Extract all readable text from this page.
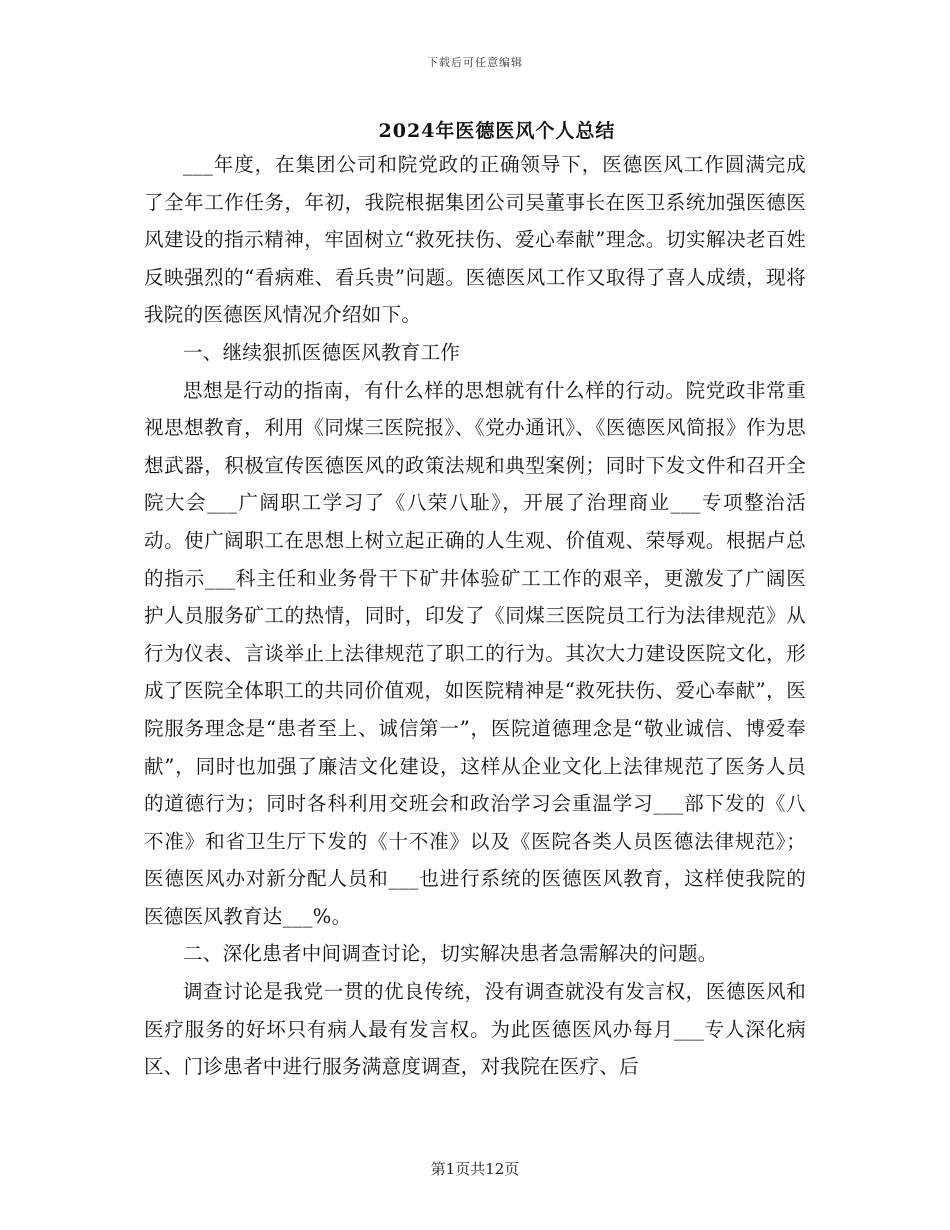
下载后可任意编辑
2024年医德医风个人总结

___年度，在集团公司和院党政的正确领导下，医德医风工作圆满完成了全年工作任务，年初，我院根据集团公司吴董事长在医卫系统加强医德医风建设的指示精神，牢固树立“救死扶伤、爱心奉献”理念。切实解决老百姓反映强烈的“看病难、看兵贵”问题。医德医风工作又取得了喜人成绩，现将我院的医德医风情况介绍如下。

一、继续狠抓医德医风教育工作

思想是行动的指南，有什么样的思想就有什么样的行动。院党政非常重视思想教育，利用《同煤三医院报》、《党办通讯》、《医德医风简报》作为思想武器，积极宣传医德医风的政策法规和典型案例；同时下发文件和召开全院大会___广阔职工学习了《八荣八耻》，开展了治理商业___专项整治活动。使广阔职工在思想上树立起正确的人生观、价值观、荣辱观。根据卢总的指示___科主任和业务骨干下矿井体验矿工工作的艰辛，更激发了广阔医护人员服务矿工的热情，同时，印发了《同煤三医院员工行为法律规范》从行为仪表、言谈举止上法律规范了职工的行为。其次大力建设医院文化，形成了医院全体职工的共同价值观，如医院精神是“救死扶伤、爱心奉献”，医院服务理念是“患者至上、诚信第一”，医院道德理念是“敬业诚信、博爱奉献”，同时也加强了廉洁文化建设，这样从企业文化上法律规范了医务人员的道德行为；同时各科利用交班会和政治学习会重温学习___部下发的《八不准》和省卫生厅下发的《十不准》以及《医院各类人员医德法律规范》；医德医风办对新分配人员和___也进行系统的医德医风教育，这样使我院的医德医风教育达___%。

二、深化患者中间调查讨论，切实解决患者急需解决的问题。

调查讨论是我党一贯的优良传统，没有调查就没有发言权，医德医风和医疗服务的好坏只有病人最有发言权。为此医德医风办每月___专人深化病区、门诊患者中进行服务满意度调查，对我院在医疗、后

第1页共12页
